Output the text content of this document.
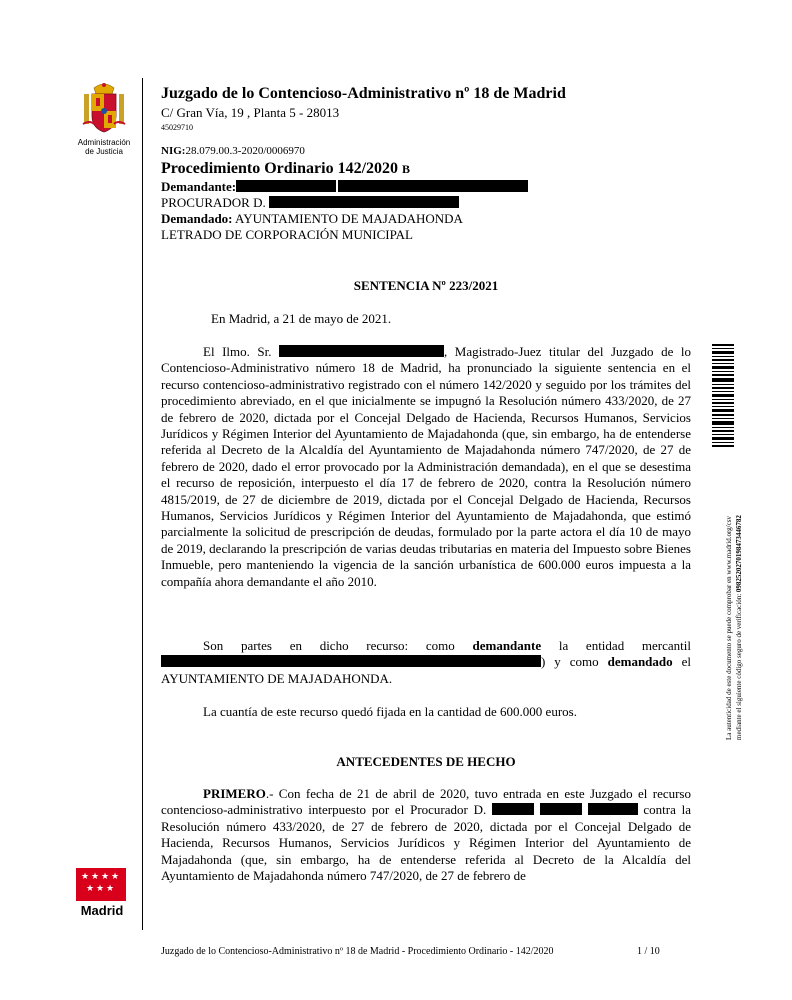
Administración
de Justicia
★ ★ ★ ★
★ ★ ★
Madrid
Juzgado de lo Contencioso-Administrativo nº 18 de Madrid
C/ Gran Vía, 19 , Planta 5 - 28013
45029710
NIG:28.079.00.3-2020/0006970
Procedimiento Ordinario 142/2020 B
Demandante:
PROCURADOR D.
Demandado: AYUNTAMIENTO DE MAJADAHONDA
LETRADO DE CORPORACIÓN MUNICIPAL
SENTENCIA Nº 223/2021

En Madrid, a 21 de mayo de 2021.

El Ilmo. Sr.	, Magistrado-Juez titular del Juzgado de lo Contencioso-Administrativo número 18 de Madrid, ha pronunciado la siguiente sentencia en el recurso contencioso-administrativo registrado con el número 142/2020 y seguido por los trámites del procedimiento abreviado, en el que inicialmente se impugnó la Resolución número 433/2020, de 27 de febrero de 2020, dictada por el Concejal Delgado de Hacienda, Recursos Humanos, Servicios Jurídicos y Régimen Interior del Ayuntamiento de Majadahonda (que, sin embargo, ha de entenderse referida al Decreto de la Alcaldía del Ayuntamiento de Majadahonda número 747/2020, de 27 de febrero de 2020, dado el error provocado por la Administración demandada), en el que se desestima el recurso de reposición, interpuesto el día 17 de febrero de 2020, contra la Resolución número 4815/2019, de 27 de diciembre de 2019, dictada por el Concejal Delgado de Hacienda, Recursos Humanos, Servicios Jurídicos y Régimen Interior del Ayuntamiento de Majadahonda, que estimó parcialmente la solicitud de prescripción de deudas, formulado por la parte actora el día 10 de mayo de 2019, declarando la prescripción de varias deudas tributarias en materia del Impuesto sobre Bienes Inmueble, pero manteniendo la vigencia de la sanción urbanística de 600.000 euros impuesta a la compañía ahora demandante el año 2010.

Son partes en dicho recurso: como demandante la entidad mercantil ) y como demandado el AYUNTAMIENTO DE MAJADAHONDA.

La cuantía de este recurso quedó fijada en la cantidad de 600.000 euros.

ANTECEDENTES DE HECHO

PRIMERO.- Con fecha de 21 de abril de 2020, tuvo entrada en este Juzgado el recurso contencioso-administrativo interpuesto por el Procurador D.	contra la Resolución número 433/2020, de 27 de febrero de 2020, dictada por el Concejal Delgado de Hacienda, Recursos Humanos, Servicios Jurídicos y Régimen Interior del Ayuntamiento de Majadahonda (que, sin embargo, ha de entenderse referida al Decreto de la Alcaldía del Ayuntamiento de Majadahonda número 747/2020, de 27 de febrero de

La autenticidad de este documento se puede comprobar en www.madrid.org/csv mediante el siguiente código seguro de verificación: 0982520270198473446782
Juzgado de lo Contencioso-Administrativo nº 18 de Madrid - Procedimiento Ordinario - 142/2020	1 / 10
